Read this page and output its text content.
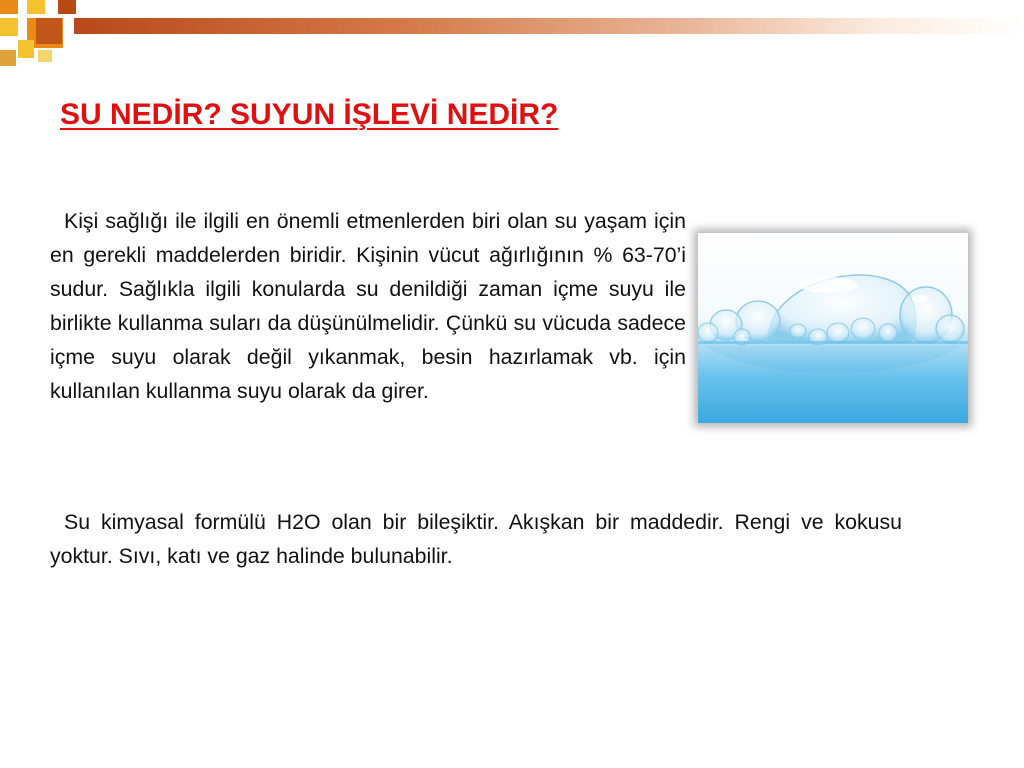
SU NEDİR? SUYUN İŞLEVİ NEDİR?

Kişi sağlığı ile ilgili en önemli etmenlerden biri olan su yaşam için en gerekli maddelerden biridir. Kişinin vücut ağırlığının % 63-70’i sudur. Sağlıkla ilgili konularda su denildiği zaman içme suyu ile birlikte kullanma suları da düşünülmelidir. Çünkü su vücuda sadece içme suyu olarak değil yıkanmak, besin hazırlamak vb. için kullanılan kullanma suyu olarak da girer.

Su kimyasal formülü H2O olan bir bileşiktir. Akışkan bir maddedir. Rengi ve kokusu yoktur. Sıvı, katı ve gaz halinde bulunabilir.
